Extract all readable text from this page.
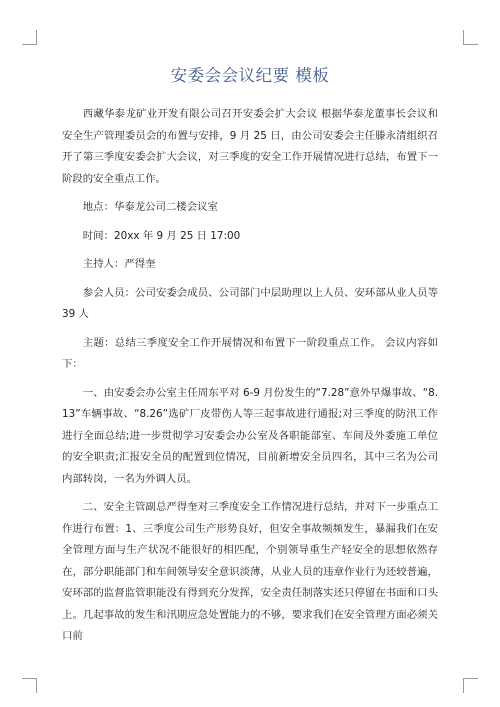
安委会会议纪要 模板

西藏华泰龙矿业开发有限公司召开安委会扩大会议 根据华泰龙董事长会议和安全生产管理委员会的布置与安排，9 月 25 日，由公司安委会主任滕永清组织召开了第三季度安委会扩大会议，对三季度的安全工作开展情况进行总结，布置下一阶段的安全重点工作。

地点：华泰龙公司二楼会议室

时间：20xx 年 9 月 25 日 17:00

主持人：严得奎

参会人员：公司安委会成员、公司部门中层助理以上人员、安环部从业人员等 39 人

主题：总结三季度安全工作开展情况和布置下一阶段重点工作。 会议内容如下：

一、由安委会办公室主任周东平对 6-9 月份发生的“7.28”意外早爆事故、“8.13”车辆事故、“8.26”选矿厂皮带伤人等三起事故进行通报;对三季度的防汛工作进行全面总结;进一步贯彻学习安委会办公室及各职能部室、车间及外委施工单位的安全职责;汇报安全员的配置到位情况，目前新增安全员四名，其中三名为公司内部转岗，一名为外调人员。

二、安全主管副总严得奎对三季度安全工作情况进行总结，并对下一步重点工作进行布置：1、三季度公司生产形势良好，但安全事故频频发生，暴漏我们在安全管理方面与生产状况不能很好的相匹配，个别领导重生产轻安全的思想依然存在，部分职能部门和车间领导安全意识淡薄，从业人员的违章作业行为还较普遍，安环部的监督监管职能没有得到充分发挥，安全责任制落实还只停留在书面和口头上。几起事故的发生和汛期应急处置能力的不够，要求我们在安全管理方面必须关口前
